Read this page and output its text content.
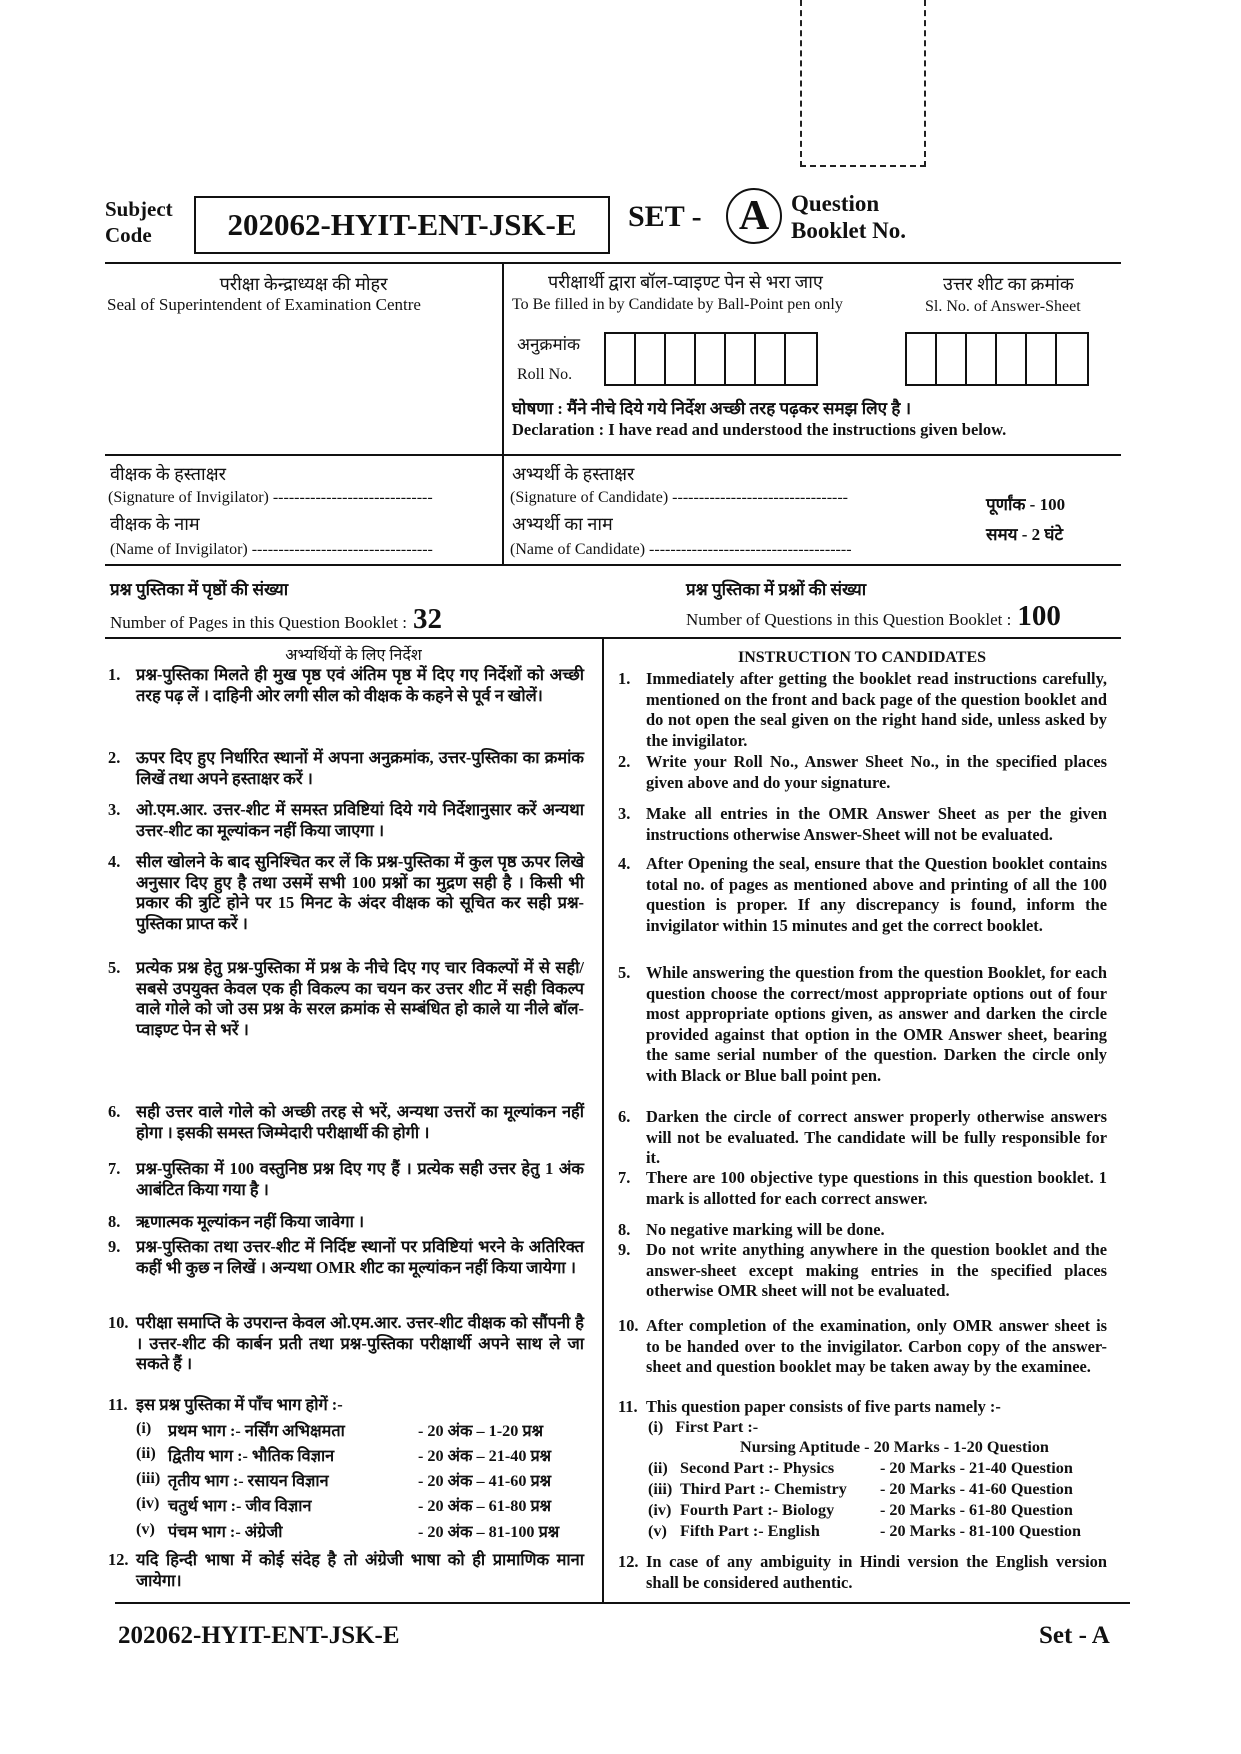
Subject
Code	202062-HYIT-ENT-JSK-E	SET - A Question
Booklet No.
परीक्षा केन्द्राध्यक्ष की मोहर
Seal of Superintendent of Examination Centre
परीक्षार्थी द्वारा बॉल-प्वाइण्ट पेन से भरा जाए
To Be filled in by Candidate by Ball-Point pen only
उत्तर शीट का क्रमांक
Sl. No. of Answer-Sheet
अनुक्रमांक
Roll No.
घोषणा : मैंने नीचे दिये गये निर्देश अच्छी तरह पढ़कर समझ लिए है ।
Declaration : I have read and understood the instructions given below.
वीक्षक के हस्ताक्षर
(Signature of Invigilator) ------------------------------
वीक्षक के नाम
(Name of Invigilator) ----------------------------------
अभ्यर्थी के हस्ताक्षर
(Signature of Candidate) ---------------------------------
अभ्यर्थी का नाम
(Name of Candidate) --------------------------------------
पूर्णांक - 100
समय - 2 घंटे
प्रश्न पुस्तिका में पृष्ठों की संख्या
Number of Pages in this Question Booklet : 32
प्रश्न पुस्तिका में प्रश्नों की संख्या
Number of Questions in this Question Booklet : 100
अभ्यर्थियों के लिए निर्देश
1. प्रश्न-पुस्तिका मिलते ही मुख पृष्ठ एवं अंतिम पृष्ठ में दिए गए निर्देशों को अच्छी तरह पढ़ लें । दाहिनी ओर लगी सील को वीक्षक के कहने से पूर्व न खोलें।
2. ऊपर दिए हुए निर्धारित स्थानों में अपना अनुक्रमांक, उत्तर-पुस्तिका का क्रमांक लिखें तथा अपने हस्ताक्षर करें ।
3. ओ.एम.आर. उत्तर-शीट में समस्त प्रविष्टियां दिये गये निर्देशानुसार करें अन्यथा उत्तर-शीट का मूल्यांकन नहीं किया जाएगा ।
4. सील खोलने के बाद सुनिश्चित कर लें कि प्रश्न-पुस्तिका में कुल पृष्ठ ऊपर लिखे अनुसार दिए हुए है तथा उसमें सभी 100 प्रश्नों का मुद्रण सही है । किसी भी प्रकार की त्रुटि होने पर 15 मिनट के अंदर वीक्षक को सूचित कर सही प्रश्न-पुस्तिका प्राप्त करें ।
5. प्रत्येक प्रश्न हेतु प्रश्न-पुस्तिका में प्रश्न के नीचे दिए गए चार विकल्पों में से सही/सबसे उपयुक्त केवल एक ही विकल्प का चयन कर उत्तर शीट में सही विकल्प वाले गोले को जो उस प्रश्न के सरल क्रमांक से सम्बंधित हो काले या नीले बॉल-प्वाइण्ट पेन से भरें ।
6. सही उत्तर वाले गोले को अच्छी तरह से भरें, अन्यथा उत्तरों का मूल्यांकन नहीं होगा । इसकी समस्त जिम्मेदारी परीक्षार्थी की होगी ।
7. प्रश्न-पुस्तिका में 100 वस्तुनिष्ठ प्रश्न दिए गए हैं । प्रत्येक सही उत्तर हेतु 1 अंक आबंटित किया गया है ।
8. ऋणात्मक मूल्यांकन नहीं किया जावेगा ।
9. प्रश्न-पुस्तिका तथा उत्तर-शीट में निर्दिष्ट स्थानों पर प्रविष्टियां भरने के अतिरिक्त कहीं भी कुछ न लिखें । अन्यथा OMR शीट का मूल्यांकन नहीं किया जायेगा ।
10. परीक्षा समाप्ति के उपरान्त केवल ओ.एम.आर. उत्तर-शीट वीक्षक को सौंपनी है । उत्तर-शीट की कार्बन प्रती तथा प्रश्न-पुस्तिका परीक्षार्थी अपने साथ ले जा सकते हैं ।
11. इस प्रश्न पुस्तिका में पाँच भाग होगें :-
12. यदि हिन्दी भाषा में कोई संदेह है तो अंग्रेजी भाषा को ही प्रामाणिक माना जायेगा।
(i)	प्रथम भाग :- नर्सिंग अभिक्षमता	- 20 अंक – 1-20 प्रश्न
(ii) द्वितीय भाग :- भौतिक विज्ञान	- 20 अंक – 21-40 प्रश्न
(iii) तृतीय भाग :- रसायन विज्ञान	- 20 अंक – 41-60 प्रश्न
(iv) चतुर्थ भाग :- जीव विज्ञान	- 20 अंक – 61-80 प्रश्न
(v) पंचम भाग :- अंग्रेजी	- 20 अंक – 81-100 प्रश्न
INSTRUCTION TO CANDIDATES
1. Immediately after getting the booklet read instructions carefully, mentioned on the front and back page of the question booklet and do not open the seal given on the right hand side, unless asked by the invigilator.
2. Write your Roll No., Answer Sheet No., in the specified places given above and do your signature.
3. Make all entries in the OMR Answer Sheet as per the given instructions otherwise Answer-Sheet will not be evaluated.
4. After Opening the seal, ensure that the Question booklet contains total no. of pages as mentioned above and printing of all the 100 question is proper. If any discrepancy is found, inform the invigilator within 15 minutes and get the correct booklet.
5. While answering the question from the question Booklet, for each question choose the correct/most appropriate options out of four most appropriate options given, as answer and darken the circle provided against that option in the OMR Answer sheet, bearing the same serial number of the question. Darken the circle only with Black or Blue ball point pen.
6. Darken the circle of correct answer properly otherwise answers will not be evaluated. The candidate will be fully responsible for it.
7. There are 100 objective type questions in this question booklet. 1 mark is allotted for each correct answer.
8. No negative marking will be done.
9. Do not write anything anywhere in the question booklet and the answer-sheet except making entries in the specified places otherwise OMR sheet will not be evaluated.
10. After completion of the examination, only OMR answer sheet is to be handed over to the invigilator. Carbon copy of the answer-sheet and question booklet may be taken away by the examinee.
11. This question paper consists of five parts namely :-
12. In case of any ambiguity in Hindi version the English version shall be considered authentic.
(i)   First Part :-
Nursing Aptitude - 20 Marks - 1-20 Question
(ii) Second Part :- Physics	- 20 Marks - 21-40 Question
(iii) Third Part :- Chemistry	- 20 Marks - 41-60 Question
(iv) Fourth Part :- Biology	- 20 Marks - 61-80 Question
(v) Fifth Part :- English	- 20 Marks - 81-100 Question
202062-HYIT-ENT-JSK-E	Set - A
